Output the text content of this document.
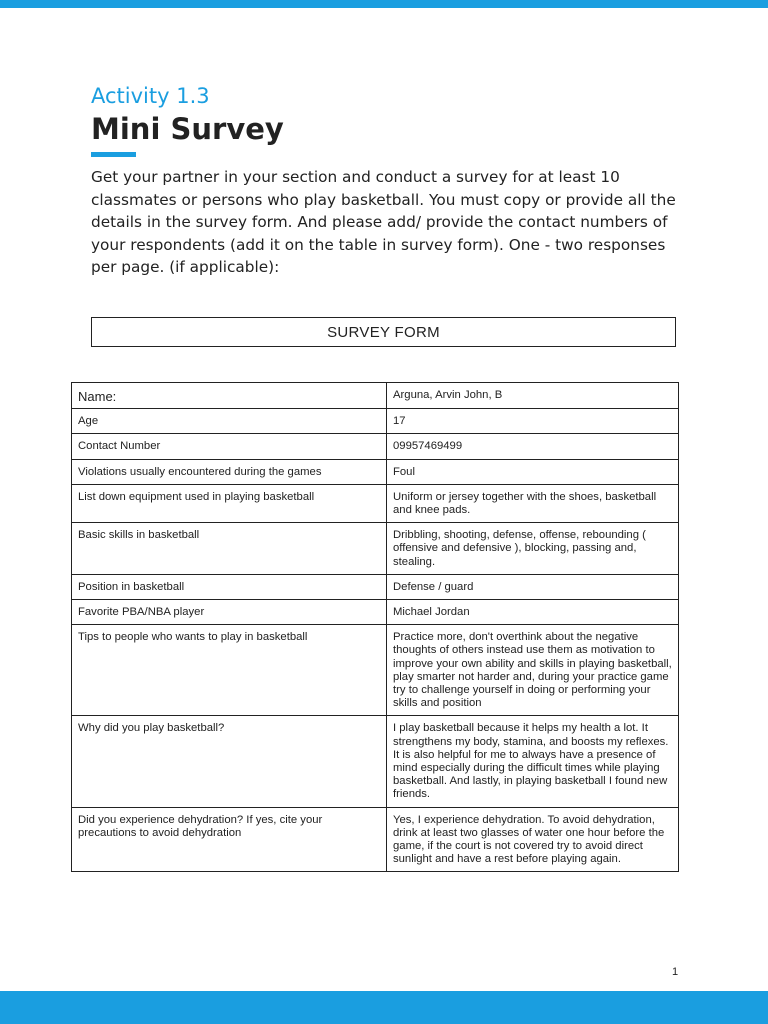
Activity 1.3
Mini Survey

Get your partner in your section and conduct a survey for at least 10 classmates or persons who play basketball. You must copy or provide all the details in the survey form. And please add/ provide the contact numbers of your respondents (add it on the table in survey form). One - two responses per page. (if applicable):

SURVEY FORM
Name:	Arguna, Arvin John, B
Age	17
Contact Number	09957469499
Violations usually encountered during the games	Foul
List down equipment used in playing basketball	Uniform or jersey together with the shoes, basketball and knee pads.
Basic skills in basketball	Dribbling, shooting, defense, offense, rebounding ( offensive and defensive ), blocking, passing and, stealing.
Position in basketball	Defense / guard
Favorite PBA/NBA player	Michael Jordan
Tips to people who wants to play in basketball	Practice more, don't overthink about the negative thoughts of others instead use them as motivation to improve your own ability and skills in playing basketball, play smarter not harder and, during your practice game try to challenge yourself in doing or performing your skills and position
Why did you play basketball?	I play basketball because it helps my health a lot. It strengthens my body, stamina, and boosts my reflexes. It is also helpful for me to always have a presence of mind especially during the difficult times while playing basketball. And lastly, in playing basketball I found new friends.
Did you experience dehydration? If yes, cite your precautions to avoid dehydration	Yes, I experience dehydration. To avoid dehydration, drink at least two glasses of water one hour before the game, if the court is not covered try to avoid direct sunlight and have a rest before playing again.
1
